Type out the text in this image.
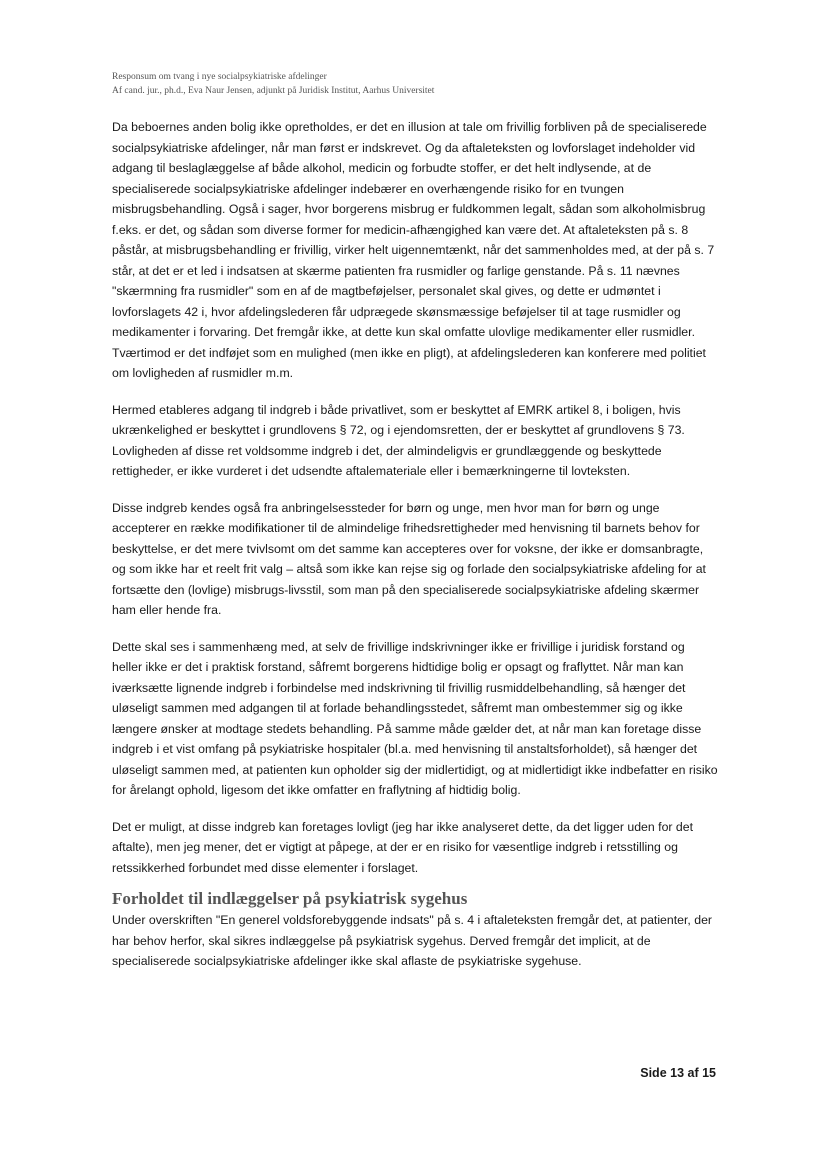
Responsum om tvang i nye socialpsykiatriske afdelinger
Af cand. jur., ph.d., Eva Naur Jensen, adjunkt på Juridisk Institut, Aarhus Universitet

Da beboernes anden bolig ikke opretholdes, er det en illusion at tale om frivillig forbliven på de specialiserede socialpsykiatriske afdelinger, når man først er indskrevet. Og da aftaleteksten og lovforslaget indeholder vid adgang til beslaglæggelse af både alkohol, medicin og forbudte stoffer, er det helt indlysende, at de specialiserede socialpsykiatriske afdelinger indebærer en overhængende risiko for en tvungen misbrugsbehandling. Også i sager, hvor borgerens misbrug er fuldkommen legalt, sådan som alkoholmisbrug f.eks. er det, og sådan som diverse former for medicin-afhængighed kan være det. At aftaleteksten på s. 8 påstår, at misbrugsbehandling er frivillig, virker helt uigennemtænkt, når det sammenholdes med, at der på s. 7 står, at det er et led i indsatsen at skærme patienten fra rusmidler og farlige genstande. På s. 11 nævnes "skærmning fra rusmidler" som en af de magtbeføjelser, personalet skal gives, og dette er udmøntet i lovforslagets 42 i, hvor afdelingslederen får udprægede skønsmæssige beføjelser til at tage rusmidler og medikamenter i forvaring. Det fremgår ikke, at dette kun skal omfatte ulovlige medikamenter eller rusmidler. Tværtimod er det indføjet som en mulighed (men ikke en pligt), at afdelingslederen kan konferere med politiet om lovligheden af rusmidler m.m.

Hermed etableres adgang til indgreb i både privatlivet, som er beskyttet af EMRK artikel 8, i boligen, hvis ukrænkelighed er beskyttet i grundlovens § 72, og i ejendomsretten, der er beskyttet af grundlovens § 73. Lovligheden af disse ret voldsomme indgreb i det, der almindeligvis er grundlæggende og beskyttede rettigheder, er ikke vurderet i det udsendte aftalemateriale eller i bemærkningerne til lovteksten.

Disse indgreb kendes også fra anbringelsessteder for børn og unge, men hvor man for børn og unge accepterer en række modifikationer til de almindelige frihedsrettigheder med henvisning til barnets behov for beskyttelse, er det mere tvivlsomt om det samme kan accepteres over for voksne, der ikke er domsanbragte, og som ikke har et reelt frit valg – altså som ikke kan rejse sig og forlade den socialpsykiatriske afdeling for at fortsætte den (lovlige) misbrugs-livsstil, som man på den specialiserede socialpsykiatriske afdeling skærmer ham eller hende fra.

Dette skal ses i sammenhæng med, at selv de frivillige indskrivninger ikke er frivillige i juridisk forstand og heller ikke er det i praktisk forstand, såfremt borgerens hidtidige bolig er opsagt og fraflyttet. Når man kan iværksætte lignende indgreb i forbindelse med indskrivning til frivillig rusmiddelbehandling, så hænger det uløseligt sammen med adgangen til at forlade behandlingsstedet, såfremt man ombestemmer sig og ikke længere ønsker at modtage stedets behandling. På samme måde gælder det, at når man kan foretage disse indgreb i et vist omfang på psykiatriske hospitaler (bl.a. med henvisning til anstaltsforholdet), så hænger det uløseligt sammen med, at patienten kun opholder sig der midlertidigt, og at midlertidigt ikke indbefatter en risiko for årelangt ophold, ligesom det ikke omfatter en fraflytning af hidtidig bolig.

Det er muligt, at disse indgreb kan foretages lovligt (jeg har ikke analyseret dette, da det ligger uden for det aftalte), men jeg mener, det er vigtigt at påpege, at der er en risiko for væsentlige indgreb i retsstilling og retssikkerhed forbundet med disse elementer i forslaget.

Forholdet til indlæggelser på psykiatrisk sygehus

Under overskriften "En generel voldsforebyggende indsats" på s. 4 i aftaleteksten fremgår det, at patienter, der har behov herfor, skal sikres indlæggelse på psykiatrisk sygehus. Derved fremgår det implicit, at de specialiserede socialpsykiatriske afdelinger ikke skal aflaste de psykiatriske sygehuse.

Side 13 af 15
